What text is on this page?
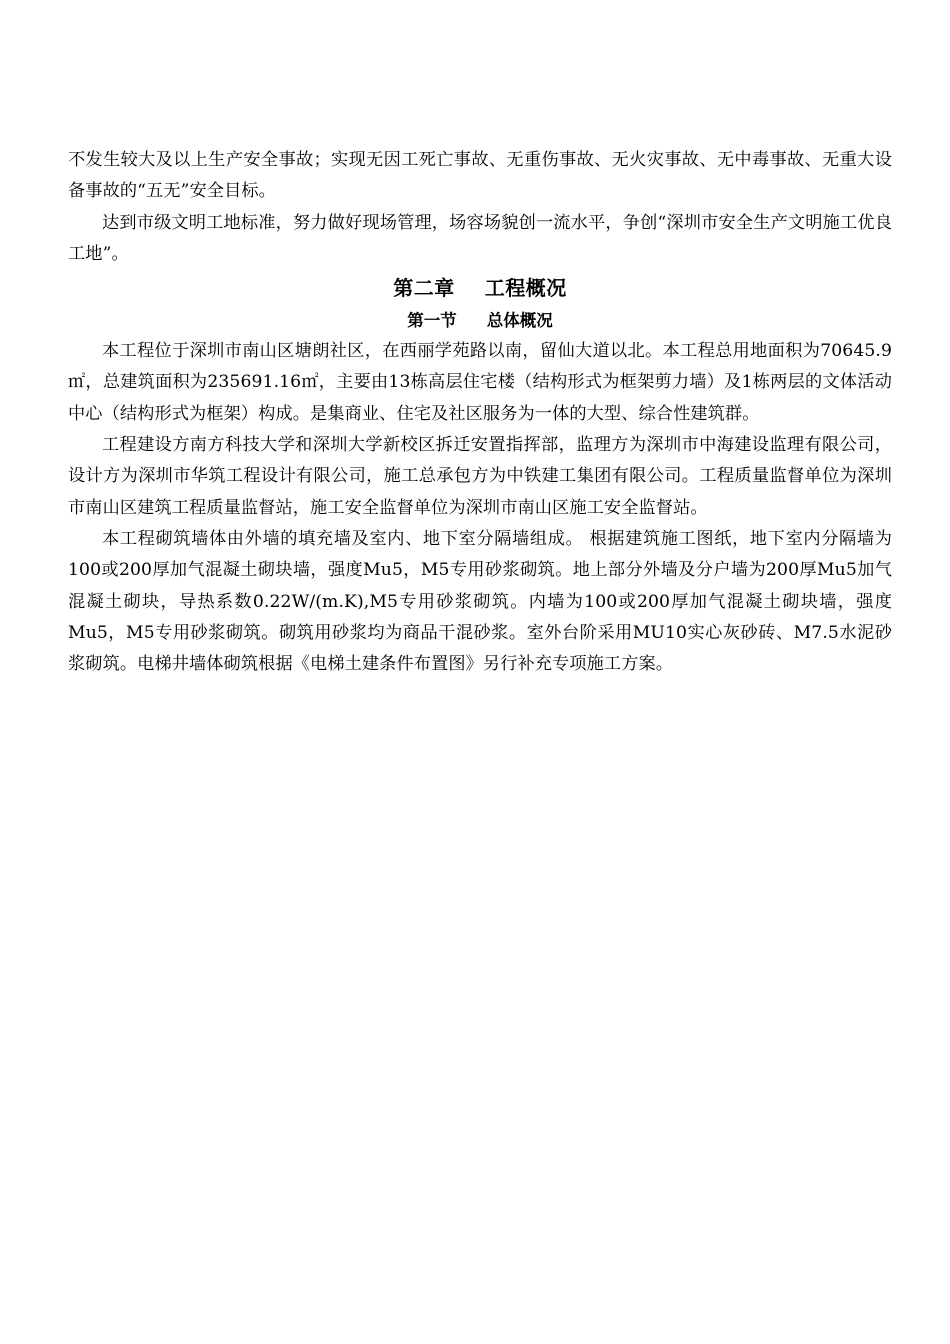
不发生较大及以上生产安全事故；实现无因工死亡事故、无重伤事故、无火灾事故、无中毒事故、无重大设备事故的“五无”安全目标。

达到市级文明工地标准，努力做好现场管理，场容场貌创一流水平，争创“深圳市安全生产文明施工优良工地”。

第二章 工程概况
第一节 总体概况

本工程位于深圳市南山区塘朗社区，在西丽学苑路以南，留仙大道以北。本工程总用地面积为70645.9㎡，总建筑面积为235691.16㎡，主要由13栋高层住宅楼（结构形式为框架剪力墙）及1栋两层的文体活动中心（结构形式为框架）构成。是集商业、住宅及社区服务为一体的大型、综合性建筑群。

工程建设方南方科技大学和深圳大学新校区拆迁安置指挥部，监理方为深圳市中海建设监理有限公司，设计方为深圳市华筑工程设计有限公司，施工总承包方为中铁建工集团有限公司。工程质量监督单位为深圳市南山区建筑工程质量监督站，施工安全监督单位为深圳市南山区施工安全监督站。

本工程砌筑墙体由外墙的填充墙及室内、地下室分隔墙组成。 根据建筑施工图纸，地下室内分隔墙为100或200厚加气混凝土砌块墙，强度Mu5，M5专用砂浆砌筑。地上部分外墙及分户墙为200厚Mu5加气混凝土砌块，导热系数0.22W/(m.K),M5专用砂浆砌筑。内墙为100或200厚加气混凝土砌块墙，强度Mu5，M5专用砂浆砌筑。砌筑用砂浆均为商品干混砂浆。室外台阶采用MU10实心灰砂砖、M7.5水泥砂浆砌筑。电梯井墙体砌筑根据《电梯土建条件布置图》另行补充专项施工方案。
